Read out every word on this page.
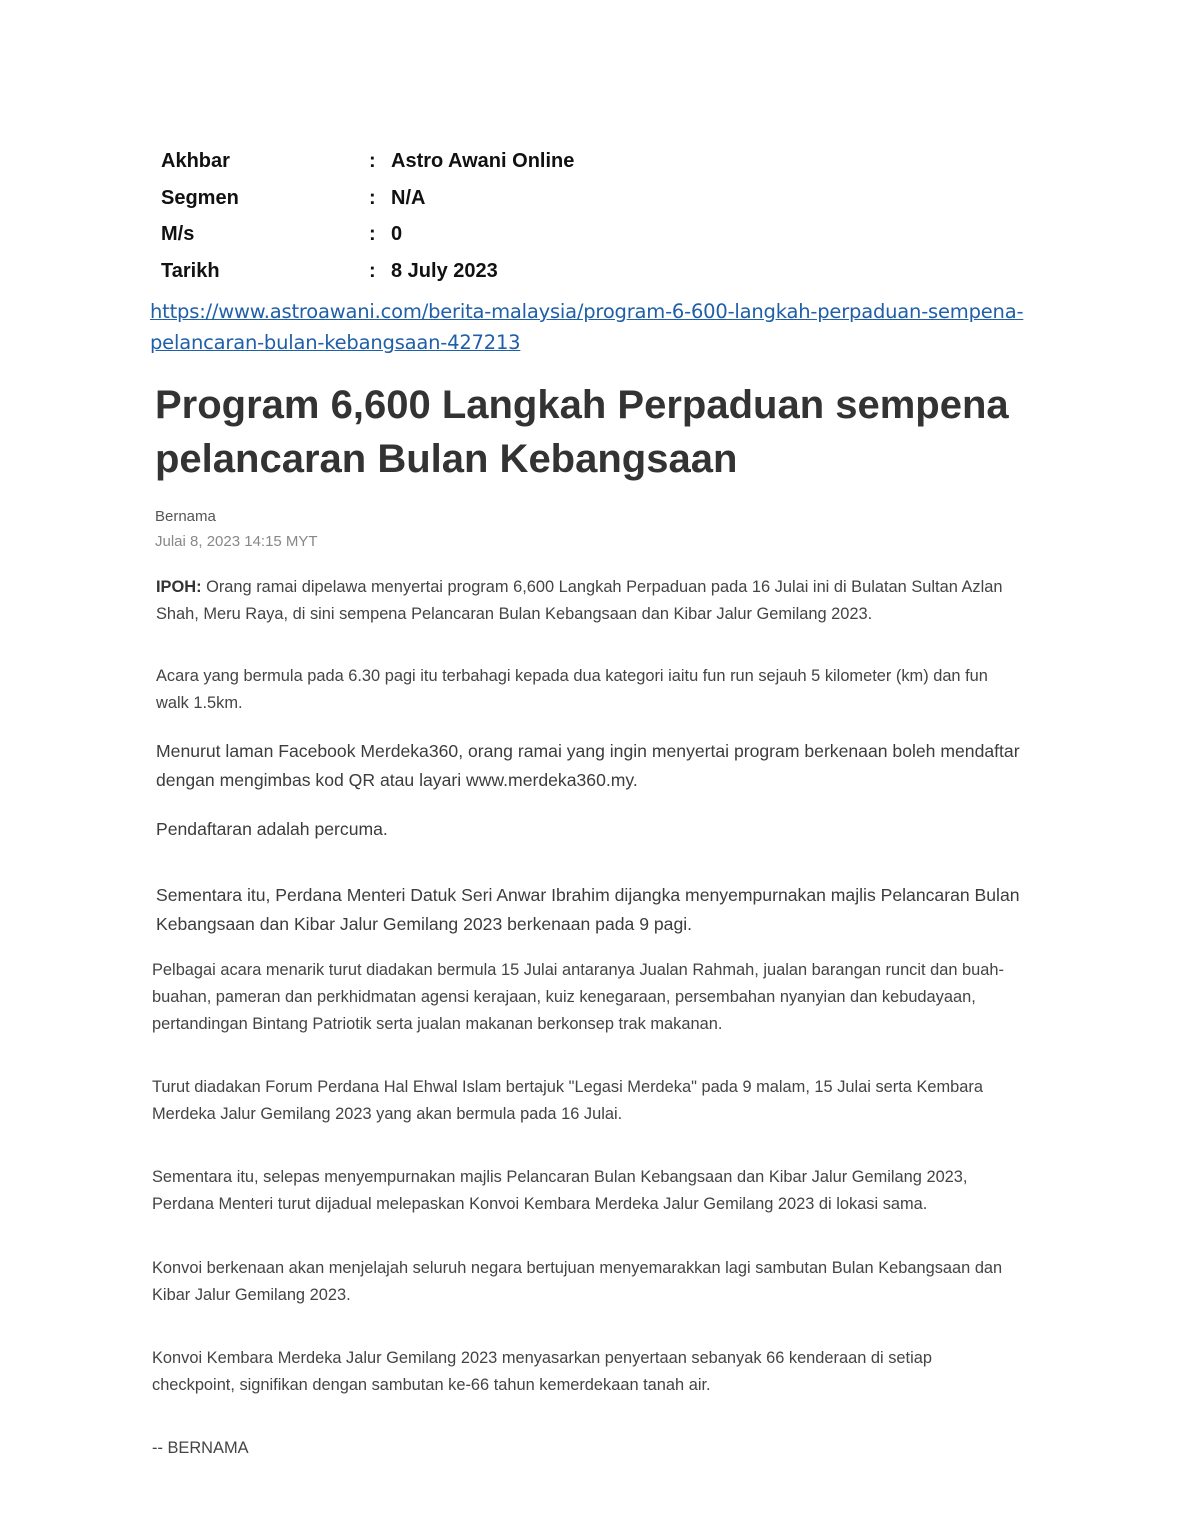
Akhbar	: Astro Awani Online
Segmen	: N/A
M/s	: 0
Tarikh	: 8 July 2023
https://www.astroawani.com/berita-malaysia/program-6-600-langkah-perpaduan-sempena-
pelancaran-bulan-kebangsaan-427213
Program 6,600 Langkah Perpaduan sempena
pelancaran Bulan Kebangsaan
Bernama
Julai 8, 2023 14:15 MYT

IPOH: Orang ramai dipelawa menyertai program 6,600 Langkah Perpaduan pada 16 Julai ini di Bulatan Sultan Azlan
Shah, Meru Raya, di sini sempena Pelancaran Bulan Kebangsaan dan Kibar Jalur Gemilang 2023.

Acara yang bermula pada 6.30 pagi itu terbahagi kepada dua kategori iaitu fun run sejauh 5 kilometer (km) dan fun
walk 1.5km.

Menurut laman Facebook Merdeka360, orang ramai yang ingin menyertai program berkenaan boleh mendaftar
dengan mengimbas kod QR atau layari www.merdeka360.my.

Pendaftaran adalah percuma.

Sementara itu, Perdana Menteri Datuk Seri Anwar Ibrahim dijangka menyempurnakan majlis Pelancaran Bulan
Kebangsaan dan Kibar Jalur Gemilang 2023 berkenaan pada 9 pagi.

Pelbagai acara menarik turut diadakan bermula 15 Julai antaranya Jualan Rahmah, jualan barangan runcit dan buah-
buahan, pameran dan perkhidmatan agensi kerajaan, kuiz kenegaraan, persembahan nyanyian dan kebudayaan,
pertandingan Bintang Patriotik serta jualan makanan berkonsep trak makanan.

Turut diadakan Forum Perdana Hal Ehwal Islam bertajuk "Legasi Merdeka" pada 9 malam, 15 Julai serta Kembara
Merdeka Jalur Gemilang 2023 yang akan bermula pada 16 Julai.

Sementara itu, selepas menyempurnakan majlis Pelancaran Bulan Kebangsaan dan Kibar Jalur Gemilang 2023,
Perdana Menteri turut dijadual melepaskan Konvoi Kembara Merdeka Jalur Gemilang 2023 di lokasi sama.

Konvoi berkenaan akan menjelajah seluruh negara bertujuan menyemarakkan lagi sambutan Bulan Kebangsaan dan
Kibar Jalur Gemilang 2023.

Konvoi Kembara Merdeka Jalur Gemilang 2023 menyasarkan penyertaan sebanyak 66 kenderaan di setiap
checkpoint, signifikan dengan sambutan ke-66 tahun kemerdekaan tanah air.

-- BERNAMA
